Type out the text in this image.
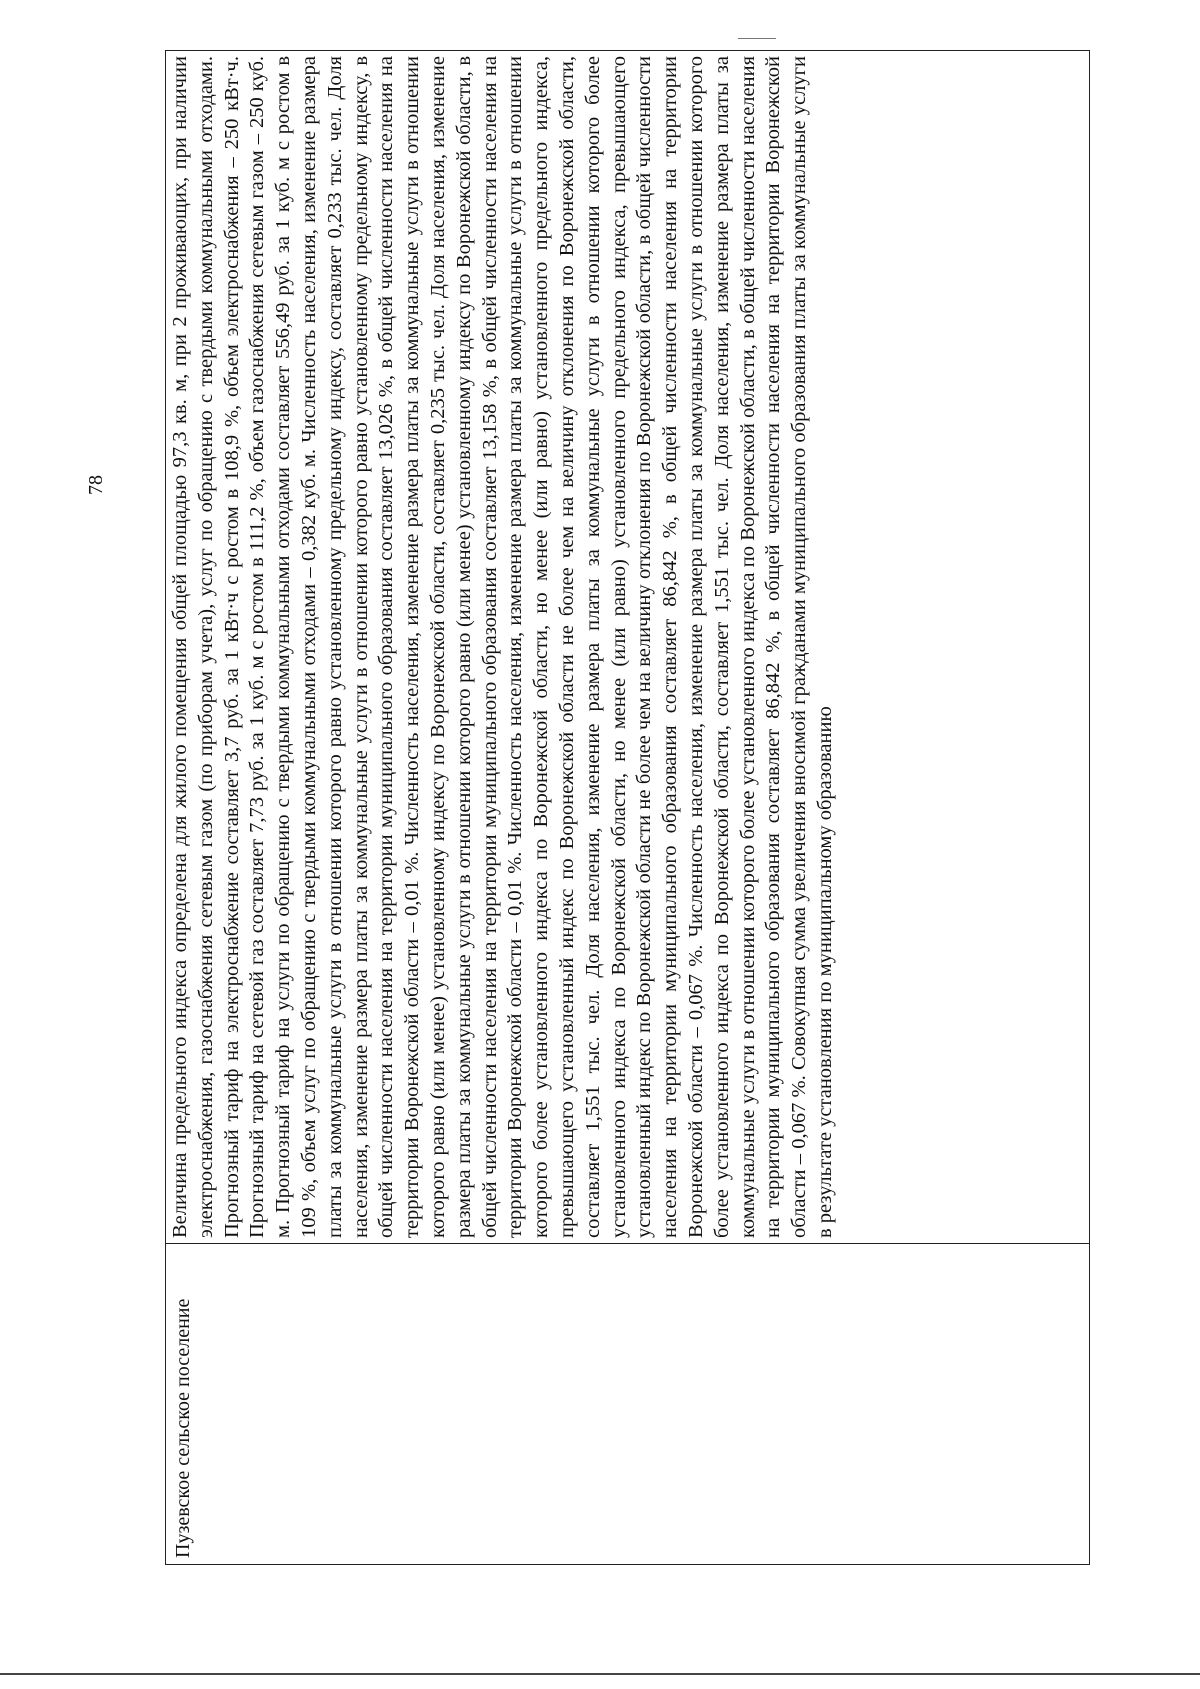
78
Пузевское сельское поселение

Величина предельного индекса определена для жилого помещения общей площадью 97,3 кв. м, при 2 проживающих, при наличии электроснабжения, газоснабжения сетевым газом (по приборам учета), услуг по обращению с твердыми коммунальными отходами. Прогнозный тариф на электроснабжение составляет 3,7 руб. за 1 кВт·ч с ростом в 108,9 %, объем электроснабжения – 250 кВт·ч. Прогнозный тариф на сетевой газ составляет 7,73 руб. за 1 куб. м с ростом в 111,2 %, объем газоснабжения сетевым газом – 250 куб. м. Прогнозный тариф на услуги по обращению с твердыми коммунальными отходами составляет 556,49 руб. за 1 куб. м с ростом в 109 %, объем услуг по обращению с твердыми коммунальными отходами – 0,382 куб. м. Численность населения, изменение размера платы за коммунальные услуги в отношении которого равно установленному предельному индексу, составляет 0,233 тыс. чел. Доля населения, изменение размера платы за коммунальные услуги в отношении которого равно установленному предельному индексу, в общей численности населения на территории муниципального образования составляет 13,026 %, в общей численности населения на территории Воронежской области – 0,01 %. Численность населения, изменение размера платы за коммунальные услуги в отношении которого равно (или менее) установленному индексу по Воронежской области, составляет 0,235 тыс. чел. Доля населения, изменение размера платы за коммунальные услуги в отношении которого равно (или менее) установленному индексу по Воронежской области, в общей численности населения на территории муниципального образования составляет 13,158 %, в общей численности населения на территории Воронежской области – 0,01 %. Численность населения, изменение размера платы за коммунальные услуги в отношении которого более установленного индекса по Воронежской области, но менее (или равно) установленного предельного индекса, превышающего установленный индекс по Воронежской области не более чем на величину отклонения по Воронежской области, составляет 1,551 тыс. чел. Доля населения, изменение размера платы за коммунальные услуги в отношении которого более установленного индекса по Воронежской области, но менее (или равно) установленного предельного индекса, превышающего установленный индекс по Воронежской области не более чем на величину отклонения по Воронежской области, в общей численности населения на территории муниципального образования составляет 86,842 %, в общей численности населения на территории Воронежской области – 0,067 %. Численность населения, изменение размера платы за коммунальные услуги в отношении которого более установленного индекса по Воронежской области, составляет 1,551 тыс. чел. Доля населения, изменение размера платы за коммунальные услуги в отношении которого более установленного индекса по Воронежской области, в общей численности населения на территории муниципального образования составляет 86,842 %, в общей численности населения на территории Воронежской области – 0,067 %. Совокупная сумма увеличения вносимой гражданами муниципального образования платы за коммунальные услуги в результате установления по муниципальному образованию
